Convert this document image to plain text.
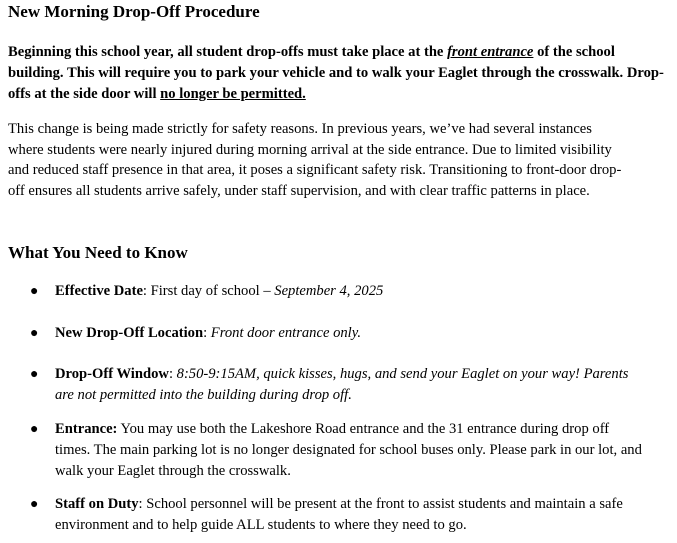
New Morning Drop-Off Procedure
Beginning this school year, all student drop-offs must take place at the front entrance of the school building. This will require you to park your vehicle and to walk your Eaglet through the crosswalk. Drop-offs at the side door will no longer be permitted.
This change is being made strictly for safety reasons. In previous years, we’ve had several instances where students were nearly injured during morning arrival at the side entrance. Due to limited visibility and reduced staff presence in that area, it poses a significant safety risk. Transitioning to front-door drop-off ensures all students arrive safely, under staff supervision, and with clear traffic patterns in place.
What You Need to Know
●	Effective Date: First day of school – September 4, 2025
●	New Drop-Off Location: Front door entrance only.
●	Drop-Off Window: 8:50-9:15AM, quick kisses, hugs, and send your Eaglet on your way! Parents are not permitted into the building during drop off.
●	Entrance: You may use both the Lakeshore Road entrance and the 31 entrance during drop off times. The main parking lot is no longer designated for school buses only. Please park in our lot, and walk your Eaglet through the crosswalk.
●	Staff on Duty: School personnel will be present at the front to assist students and maintain a safe environment and to help guide ALL students to where they need to go.
